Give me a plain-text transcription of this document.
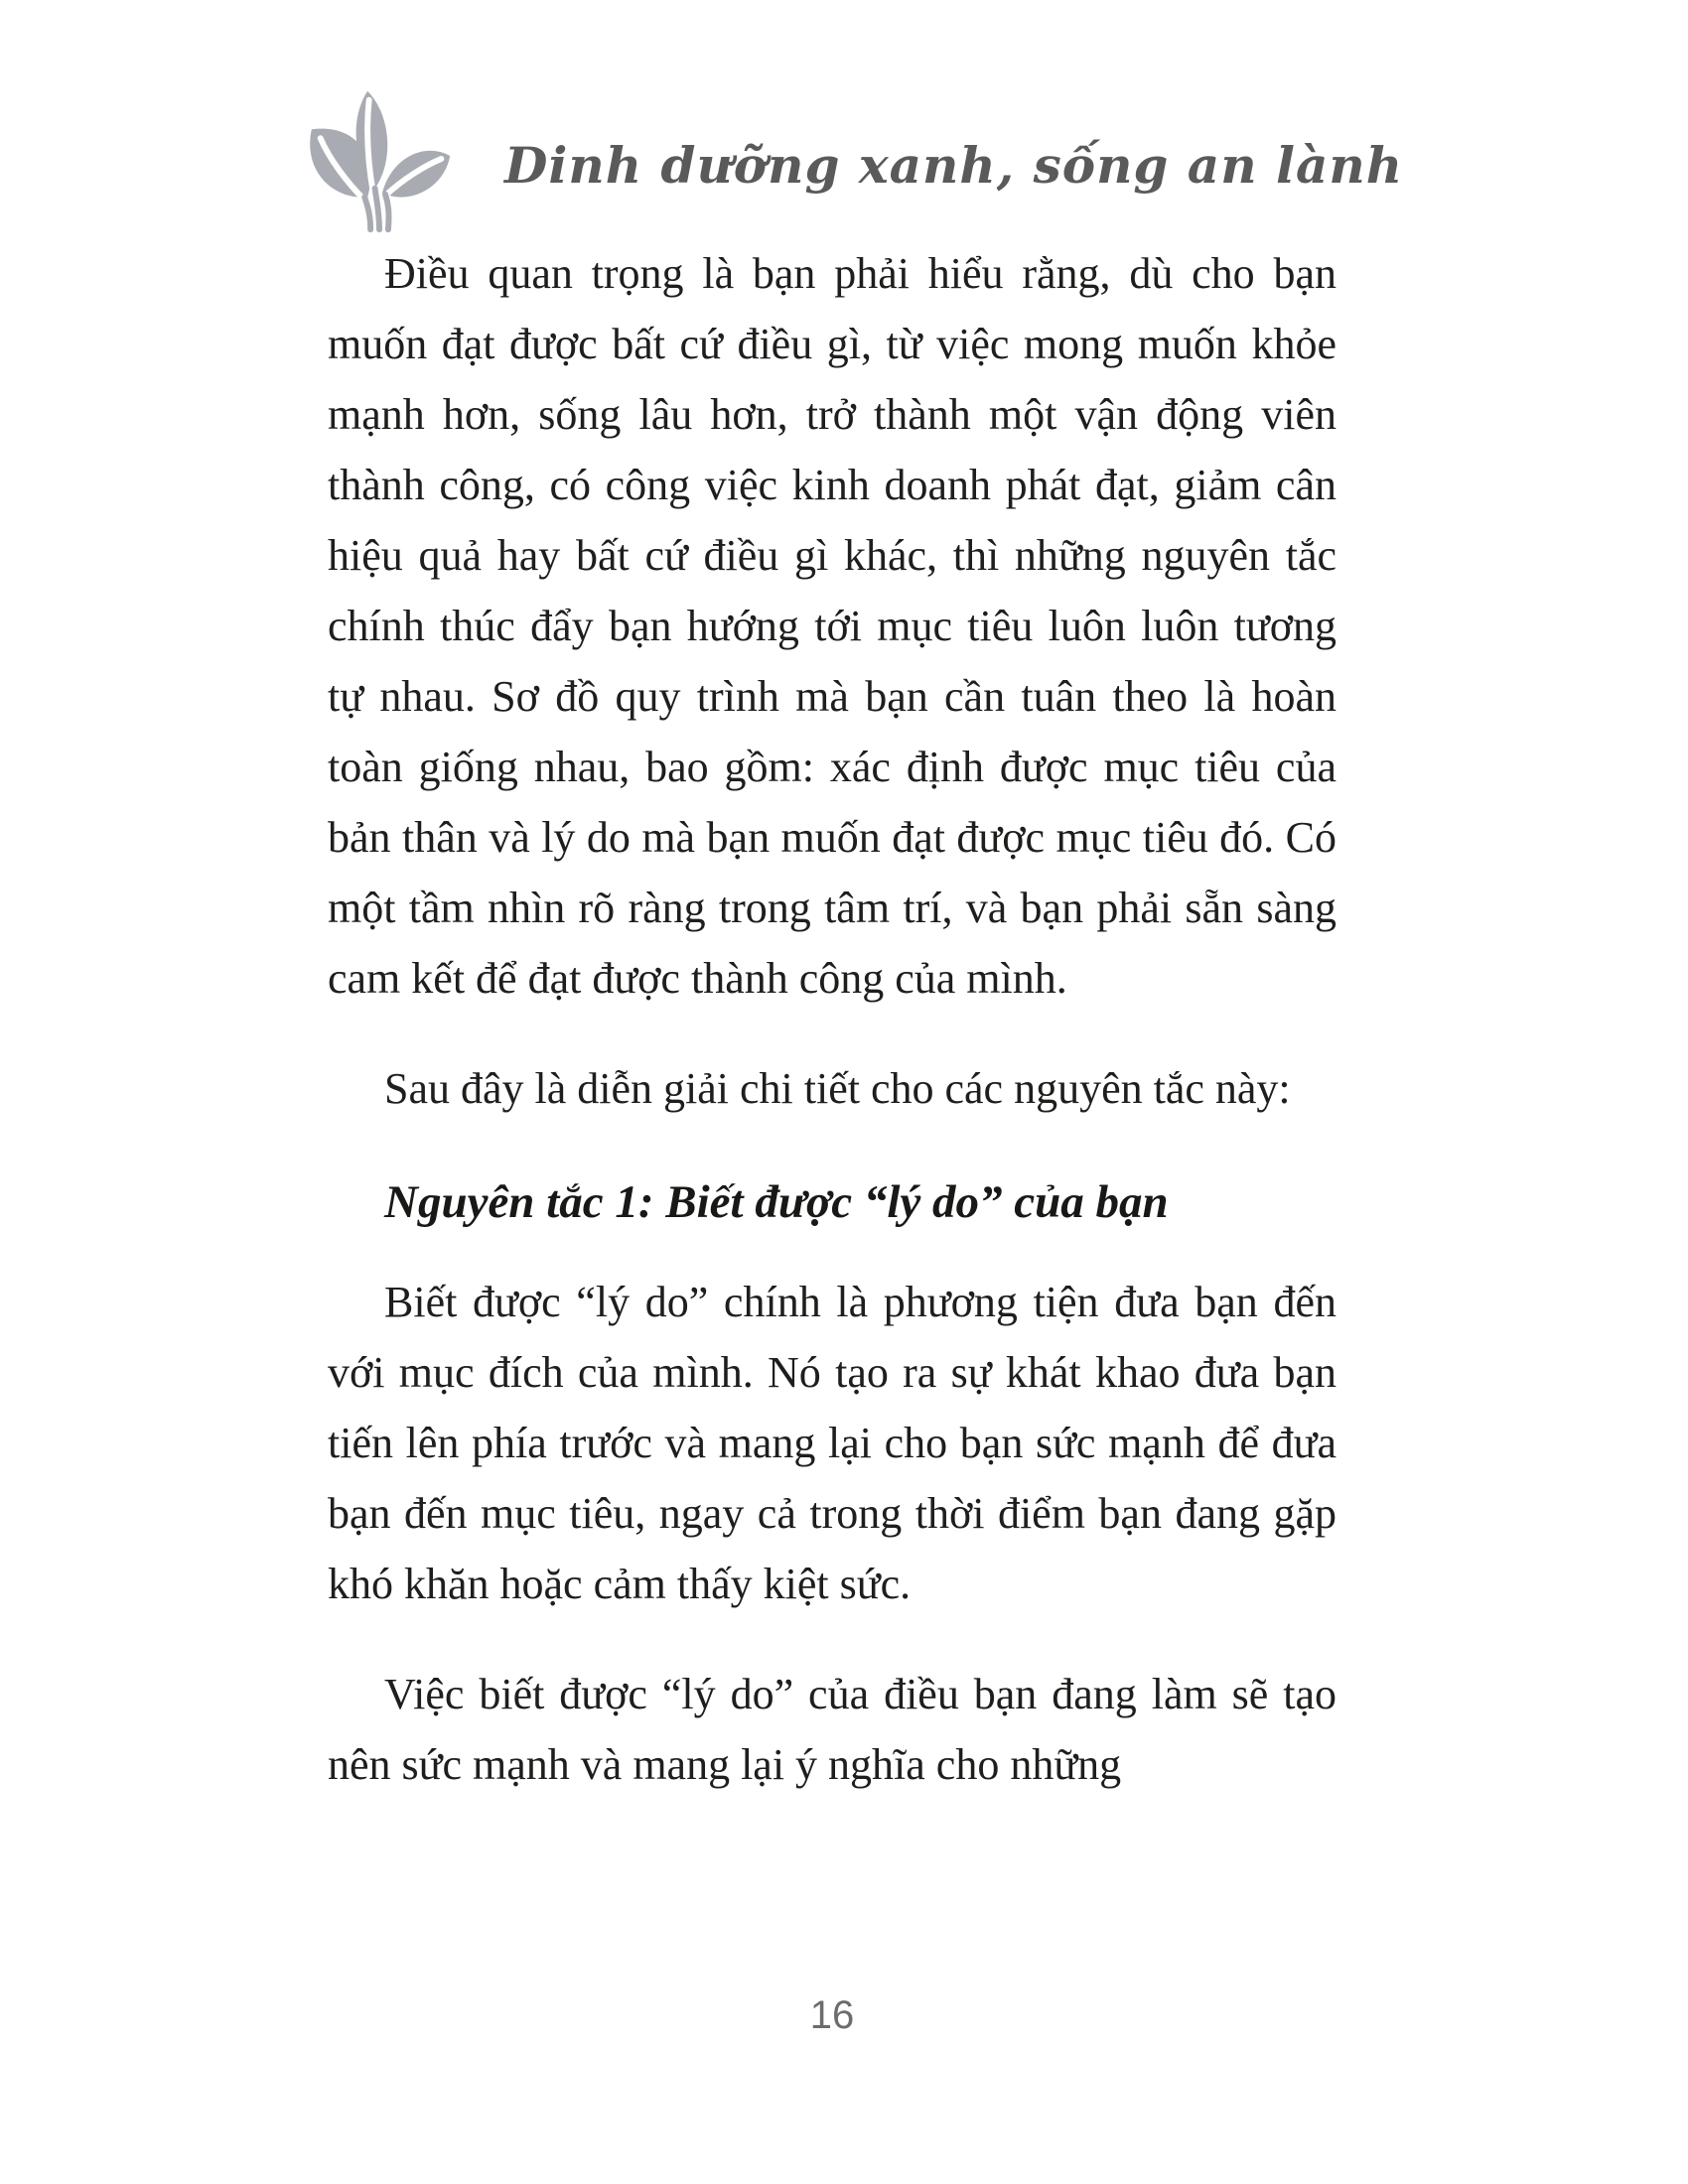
Dinh dưỡng xanh, sống an lành

Điều quan trọng là bạn phải hiểu rằng, dù cho bạn muốn đạt được bất cứ điều gì, từ việc mong muốn khỏe mạnh hơn, sống lâu hơn, trở thành một vận động viên thành công, có công việc kinh doanh phát đạt, giảm cân hiệu quả hay bất cứ điều gì khác, thì những nguyên tắc chính thúc đẩy bạn hướng tới mục tiêu luôn luôn tương tự nhau. Sơ đồ quy trình mà bạn cần tuân theo là hoàn toàn giống nhau, bao gồm: xác định được mục tiêu của bản thân và lý do mà bạn muốn đạt được mục tiêu đó. Có một tầm nhìn rõ ràng trong tâm trí, và bạn phải sẵn sàng cam kết để đạt được thành công của mình.

Sau đây là diễn giải chi tiết cho các nguyên tắc này:

Nguyên tắc 1: Biết được “lý do” của bạn

Biết được “lý do” chính là phương tiện đưa bạn đến với mục đích của mình. Nó tạo ra sự khát khao đưa bạn tiến lên phía trước và mang lại cho bạn sức mạnh để đưa bạn đến mục tiêu, ngay cả trong thời điểm bạn đang gặp khó khăn hoặc cảm thấy kiệt sức.

Việc biết được “lý do” của điều bạn đang làm sẽ tạo nên sức mạnh và mang lại ý nghĩa cho những

16
